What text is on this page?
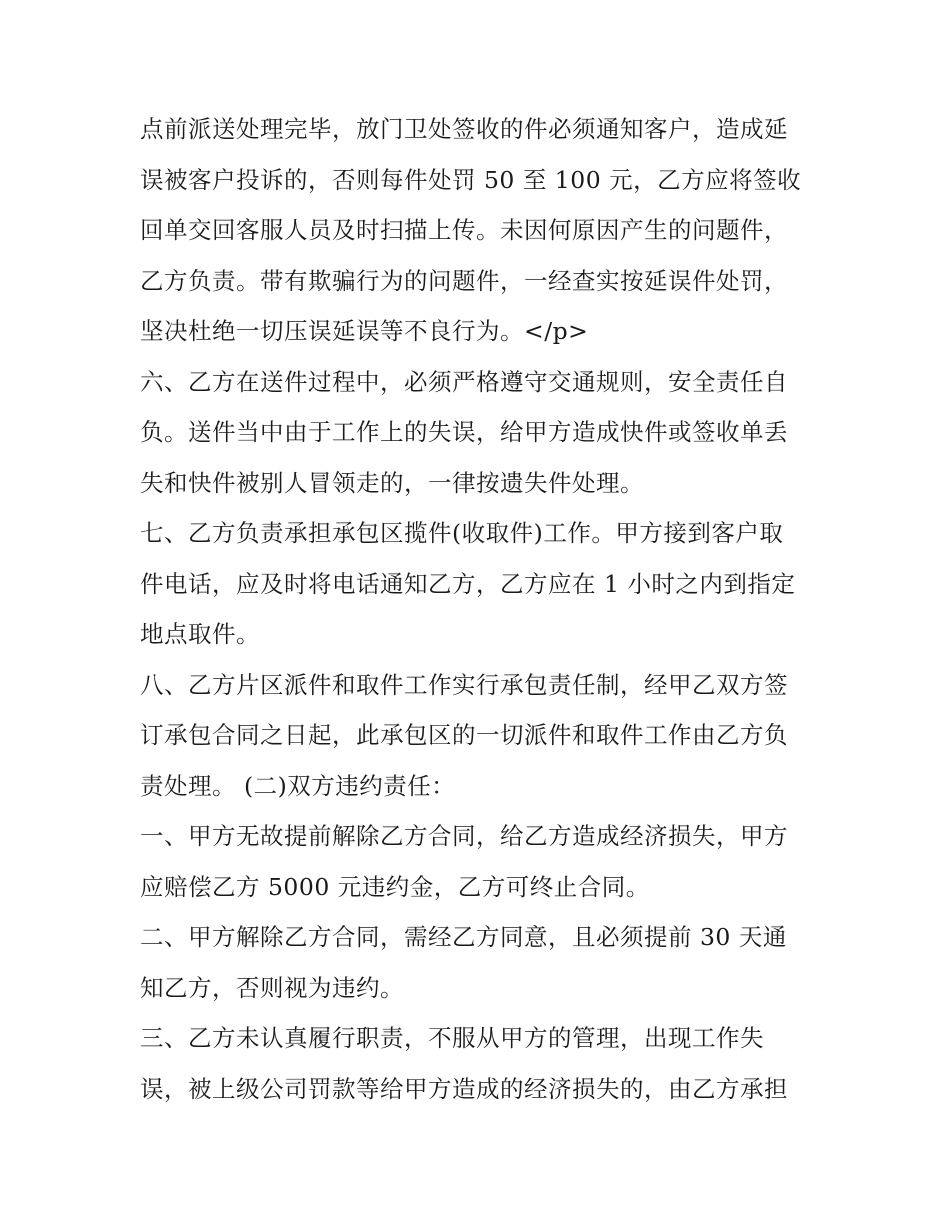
点前派送处理完毕，放门卫处签收的件必须通知客户，造成延
误被客户投诉的，否则每件处罚 50 至 100 元，乙方应将签收
回单交回客服人员及时扫描上传。未因何原因产生的问题件，
乙方负责。带有欺骗行为的问题件，一经查实按延误件处罚，
坚决杜绝一切压误延误等不良行为。</p>

六、乙方在送件过程中，必须严格遵守交通规则，安全责任自
负。送件当中由于工作上的失误，给甲方造成快件或签收单丢
失和快件被别人冒领走的，一律按遗失件处理。

七、乙方负责承担承包区揽件(收取件)工作。甲方接到客户取
件电话，应及时将电话通知乙方，乙方应在 1 小时之内到指定
地点取件。

八、乙方片区派件和取件工作实行承包责任制，经甲乙双方签
订承包合同之日起，此承包区的一切派件和取件工作由乙方负
责处理。 (二)双方违约责任：

一、甲方无故提前解除乙方合同，给乙方造成经济损失，甲方
应赔偿乙方 5000 元违约金，乙方可终止合同。

二、甲方解除乙方合同，需经乙方同意，且必须提前 30 天通
知乙方，否则视为违约。

三、乙方未认真履行职责，不服从甲方的管理，出现工作失
误，被上级公司罚款等给甲方造成的经济损失的，由乙方承担
